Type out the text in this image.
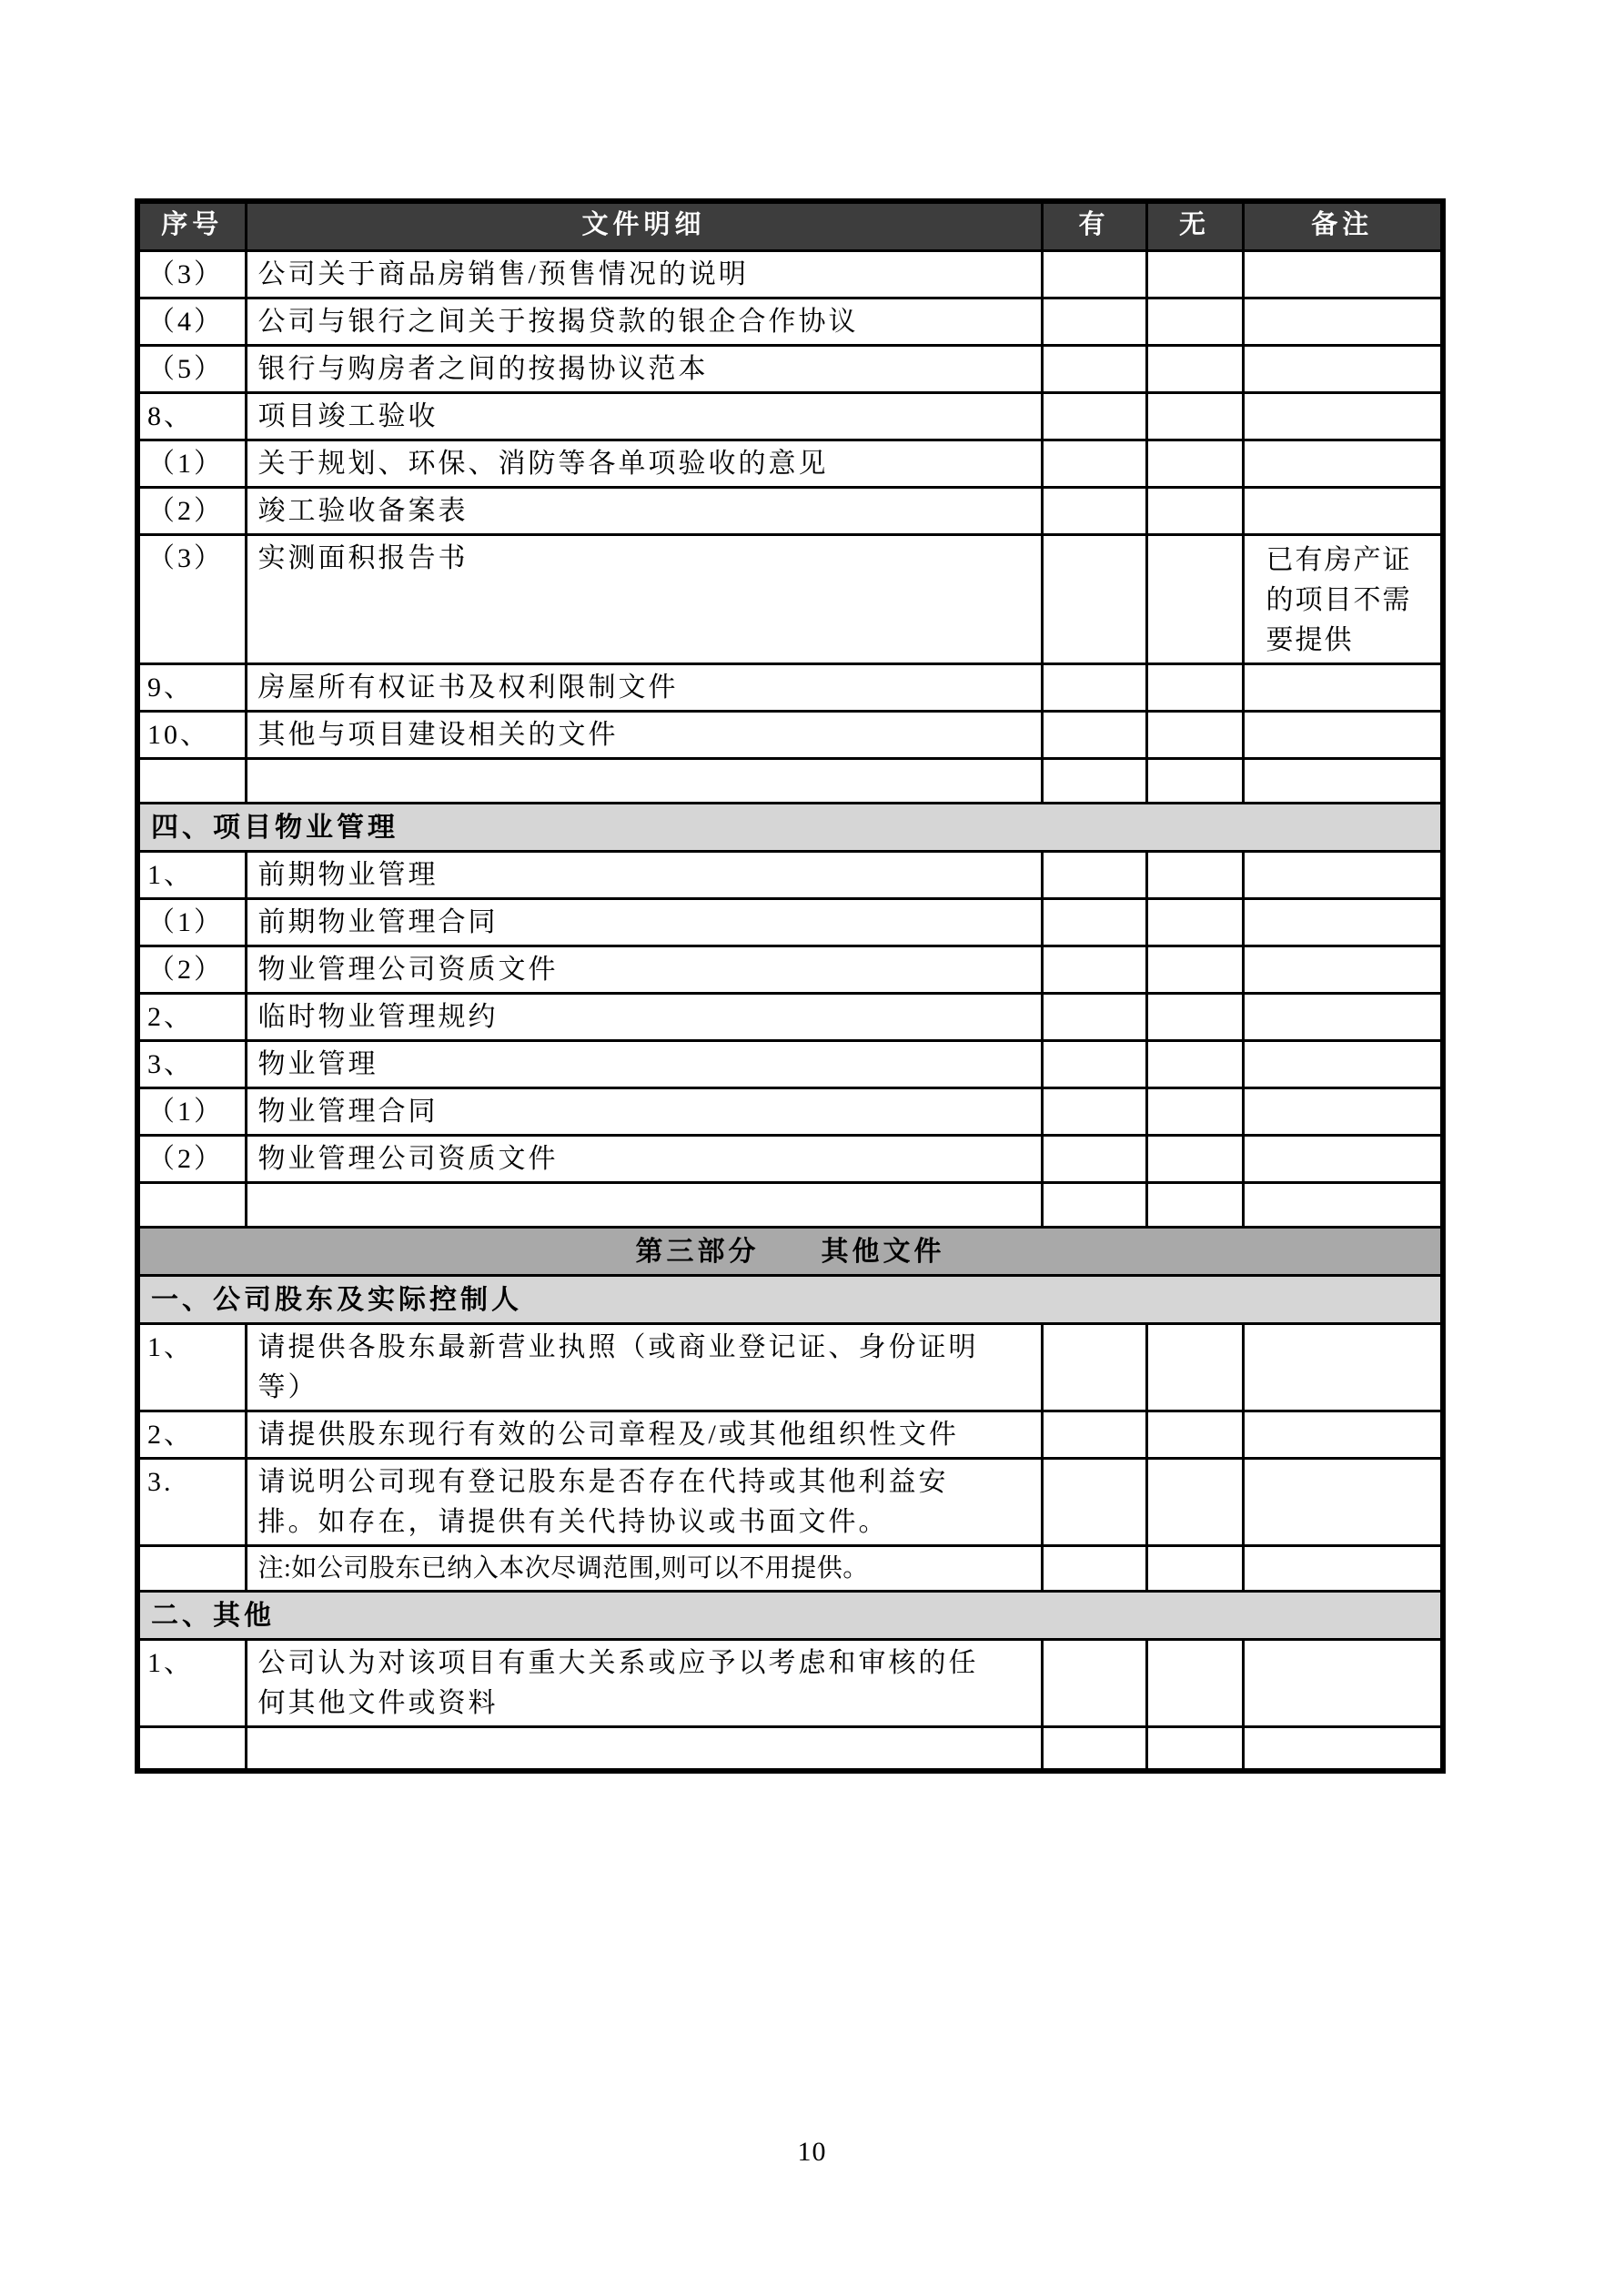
序号	文件明细	有	无	备注
（3）	公司关于商品房销售/预售情况的说明			
（4）	公司与银行之间关于按揭贷款的银企合作协议			
（5）	银行与购房者之间的按揭协议范本			
8、	项目竣工验收			
（1）	关于规划、环保、消防等各单项验收的意见			
（2）	竣工验收备案表			
（3）	实测面积报告书			已有房产证的项目不需要提供
9、	房屋所有权证书及权利限制文件			
10、	其他与项目建设相关的文件			

四、项目物业管理				
1、	前期物业管理			
（1）	前期物业管理合同			
（2）	物业管理公司资质文件			
2、	临时物业管理规约			
3、	物业管理			
（1）	物业管理合同			
（2）	物业管理公司资质文件			

第三部分　　其他文件				
一、公司股东及实际控制人				
1、	请提供各股东最新营业执照（或商业登记证、身份证明等）			
2、	请提供股东现行有效的公司章程及/或其他组织性文件			
3.	请说明公司现有登记股东是否存在代持或其他利益安排。如存在，请提供有关代持协议或书面文件。			
	注:如公司股东已纳入本次尽调范围,则可以不用提供。			
二、其他				
1、	公司认为对该项目有重大关系或应予以考虑和审核的任何其他文件或资料			

10
